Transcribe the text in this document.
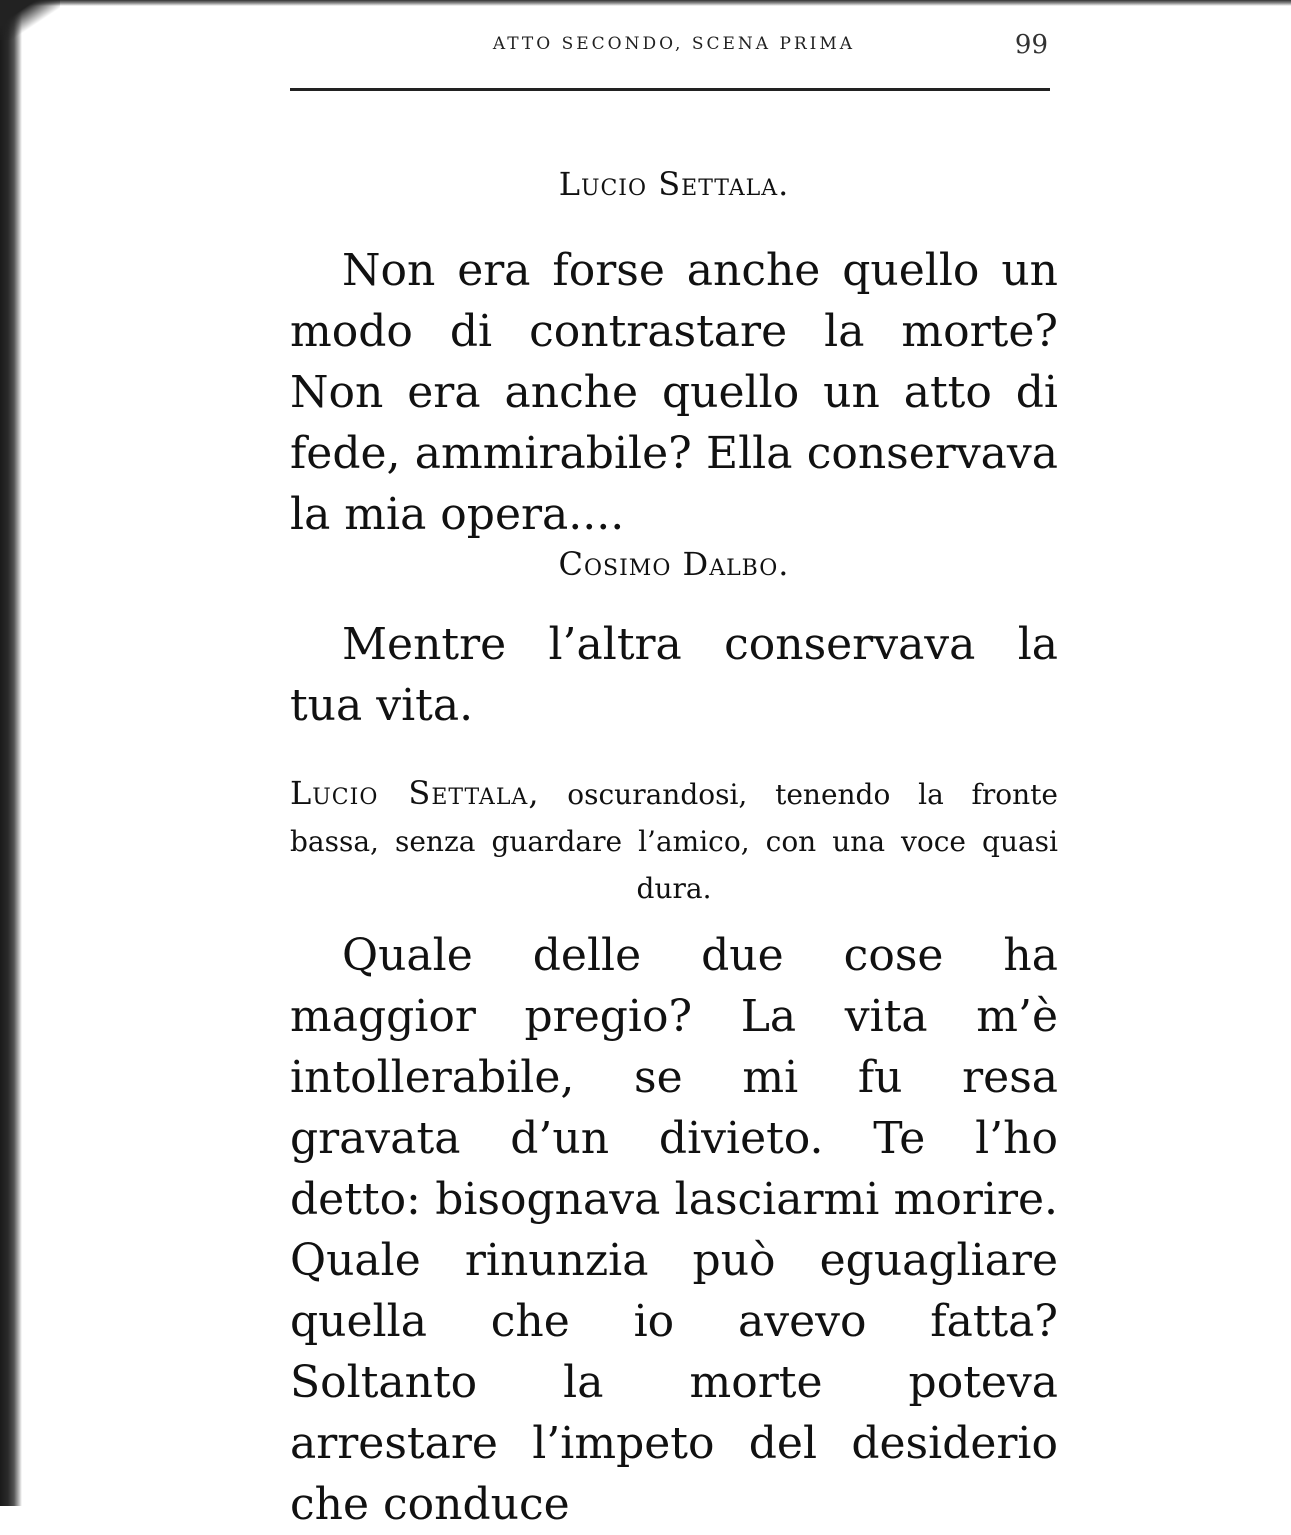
ATTO SECONDO, SCENA PRIMA	99
Lucio Settala.
Non era forse anche quello un modo di contrastare la morte? Non era anche quello un atto di fede, ammirabile? Ella conservava la mia opera....
Cosimo Dalbo.
Mentre l’altra conservava la tua vita.
Lucio Settala, oscurandosi, tenendo la fronte bassa, senza guardare l’amico, con una voce quasi dura.
Quale delle due cose ha maggior pregio? La vita m’è intollerabile, se mi fu resa gravata d’un divieto. Te l’ho detto: bisognava lasciarmi morire. Quale rinunzia può eguagliare quella che io avevo fatta? Soltanto la morte poteva arrestare l’impeto del desiderio che conduce
